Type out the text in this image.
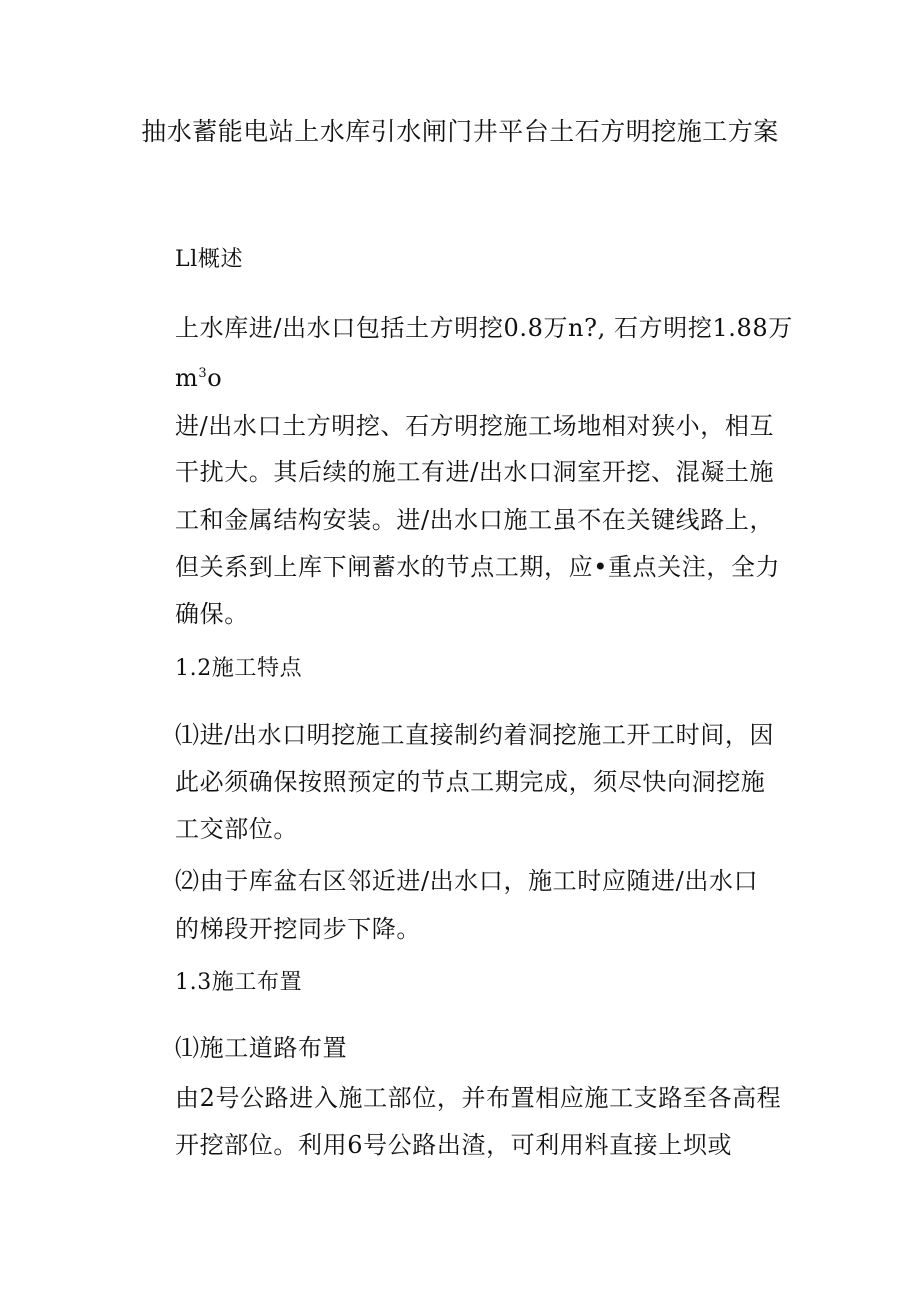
抽水蓄能电站上水库引水闸门井平台土石方明挖施工方案
Ll概述
上水库进/出水口包括土方明挖0.8万n?, 石方明挖1.88万
$m^3o$
进/出水口土方明挖、石方明挖施工场地相对狭小，相互
干扰大。其后续的施工有进/出水口洞室开挖、混凝土施
工和金属结构安装。进/出水口施工虽不在关键线路上，
但关系到上库下闸蓄水的节点工期，应•重点关注，全力
确保。
1.2施工特点
⑴进/出水口明挖施工直接制约着洞挖施工开工时间，因
此必须确保按照预定的节点工期完成，须尽快向洞挖施
工交部位。
⑵由于库盆右区邻近进/出水口，施工时应随进/出水口
的梯段开挖同步下降。
1.3施工布置
⑴施工道路布置
由2号公路进入施工部位，并布置相应施工支路至各高程
开挖部位。利用6号公路出渣，可利用料直接上坝或
